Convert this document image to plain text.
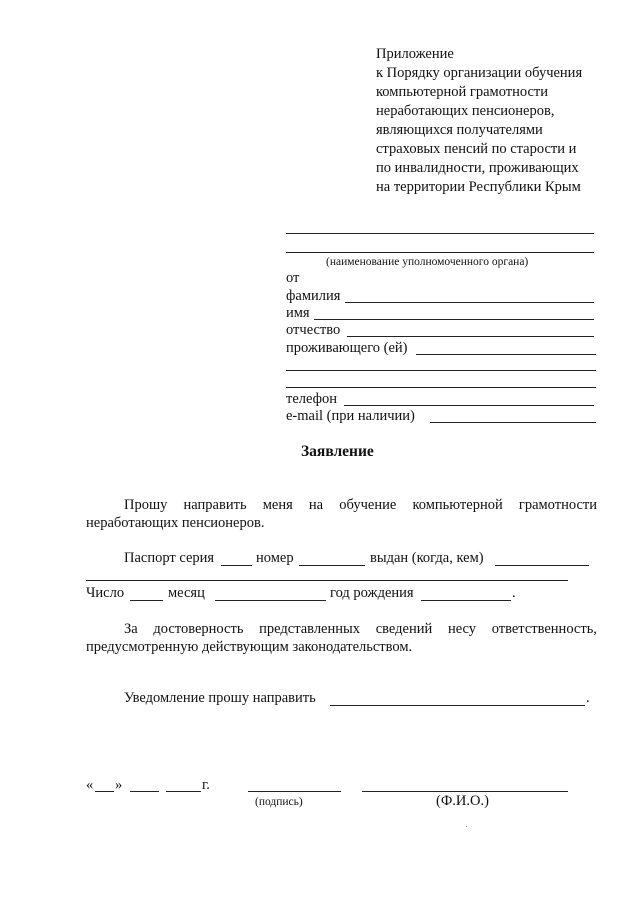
Приложение
к Порядку организации обучения
компьютерной грамотности
неработающих пенсионеров,
являющихся получателями
страховых пенсий по старости и
по инвалидности, проживающих
на территории Республики Крым
(наименование уполномоченного органа)
от
фамилия
имя
отчество
проживающего (ей)
телефон
e-mail (при наличии)
Заявление
Прошу направить меня на обучение компьютерной грамотности
неработающих пенсионеров.
Паспорт серия	номер	выдан (когда, кем)
Число	месяц	год рождения	.
За достоверность представленных сведений несу ответственность,
предусмотренную действующим законодательством.
Уведомление прошу направить	.
« »	г.
(подпись)	(Ф.И.О.)
